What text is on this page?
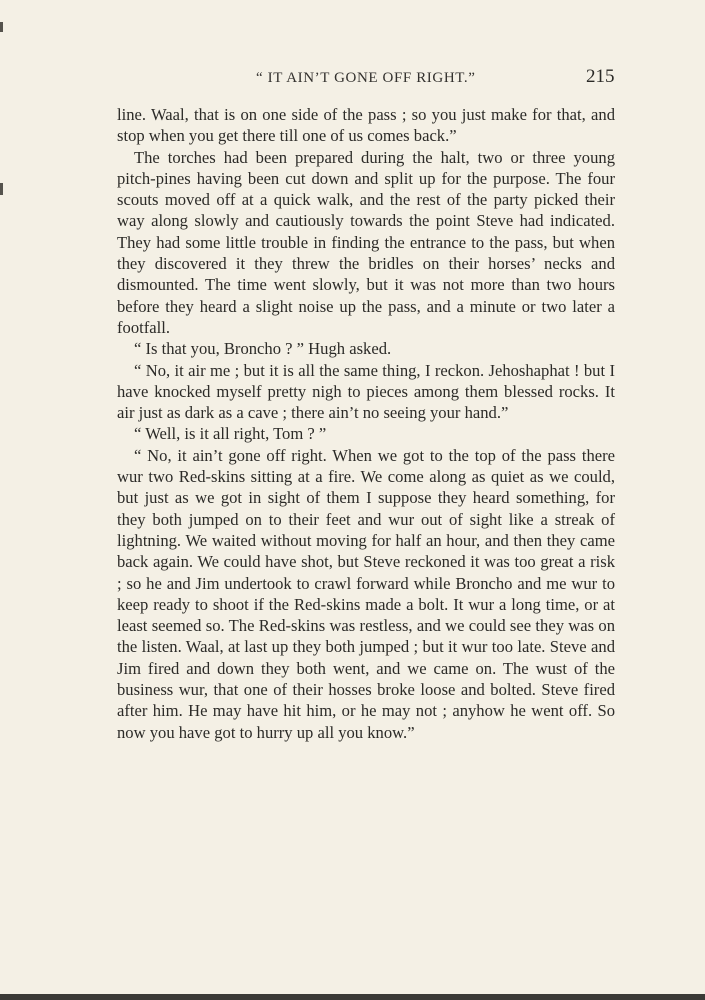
“ IT AIN’T GONE OFF RIGHT.”	215

line. Waal, that is on one side of the pass ; so you just make for that, and stop when you get there till one of us comes back.”

The torches had been prepared during the halt, two or three young pitch-pines having been cut down and split up for the purpose. The four scouts moved off at a quick walk, and the rest of the party picked their way along slowly and cautiously towards the point Steve had indicated. They had some little trouble in finding the entrance to the pass, but when they discovered it they threw the bridles on their horses’ necks and dismounted. The time went slowly, but it was not more than two hours before they heard a slight noise up the pass, and a minute or two later a footfall.

“ Is that you, Broncho ? ” Hugh asked.

“ No, it air me ; but it is all the same thing, I reckon. Jehoshaphat ! but I have knocked myself pretty nigh to pieces among them blessed rocks. It air just as dark as a cave ; there ain’t no seeing your hand.”

“ Well, is it all right, Tom ? ”

“ No, it ain’t gone off right. When we got to the top of the pass there wur two Red-skins sitting at a fire. We come along as quiet as we could, but just as we got in sight of them I suppose they heard something, for they both jumped on to their feet and wur out of sight like a streak of lightning. We waited without moving for half an hour, and then they came back again. We could have shot, but Steve reckoned it was too great a risk ; so he and Jim undertook to crawl forward while Broncho and me wur to keep ready to shoot if the Red-skins made a bolt. It wur a long time, or at least seemed so. The Red-skins was restless, and we could see they was on the listen. Waal, at last up they both jumped ; but it wur too late. Steve and Jim fired and down they both went, and we came on. The wust of the business wur, that one of their hosses broke loose and bolted. Steve fired after him. He may have hit him, or he may not ; anyhow he went off. So now you have got to hurry up all you know.”
